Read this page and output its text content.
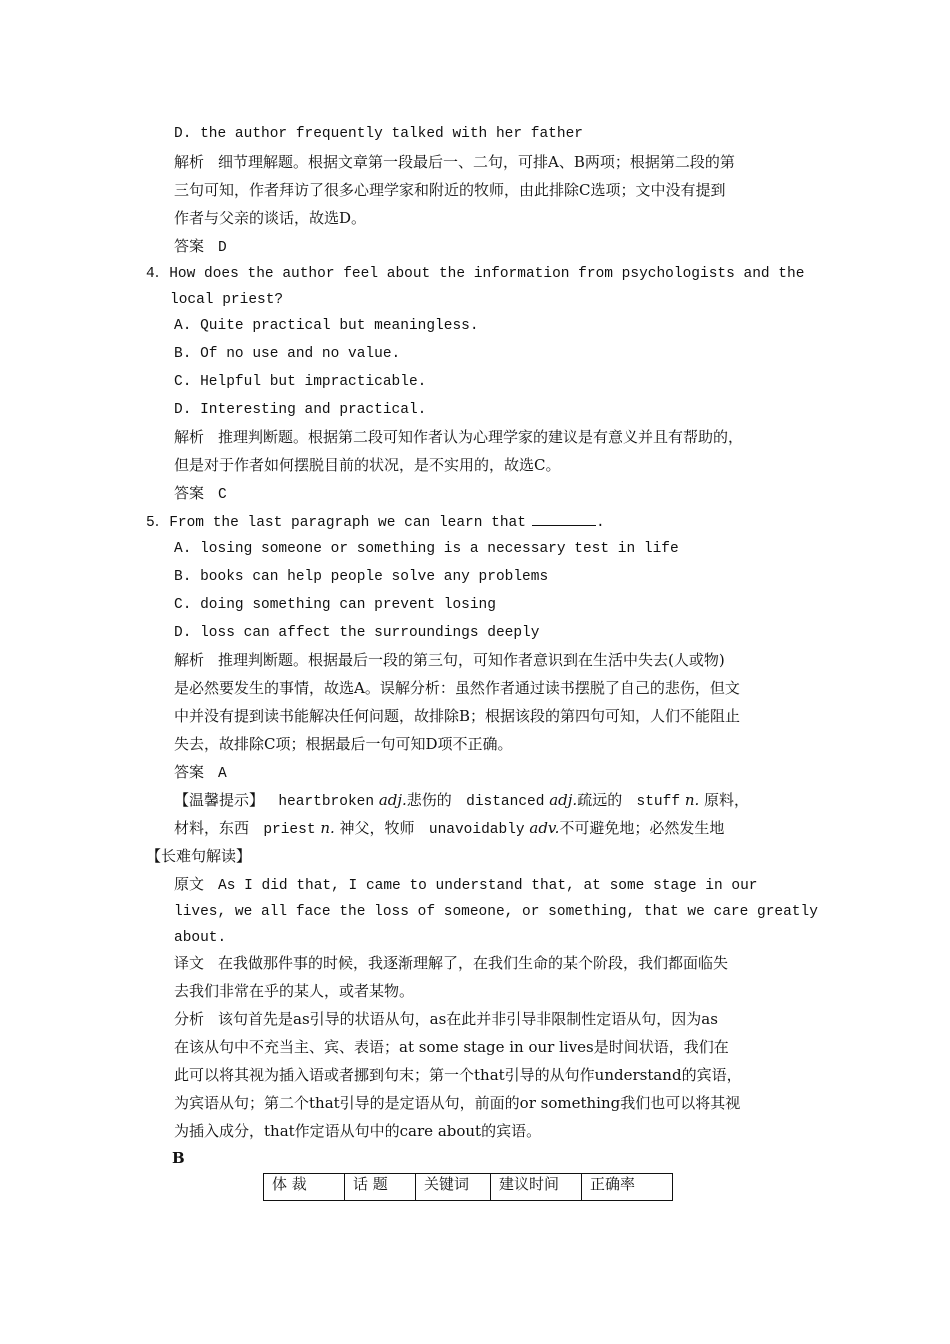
D. the author frequently talked with her father
解析 细节理解题。根据文章第一段最后一、二句，可排A、B两项；根据第二段的第
三句可知，作者拜访了很多心理学家和附近的牧师，由此排除C选项；文中没有提到
作者与父亲的谈话，故选D。
答案 D
4．How does the author feel about the information from psychologists and the
local priest?
A. Quite practical but meaningless.
B. Of no use and no value.
C. Helpful but impracticable.
D. Interesting and practical.
解析 推理判断题。根据第二段可知作者认为心理学家的建议是有意义并且有帮助的，
但是对于作者如何摆脱目前的状况，是不实用的，故选C。
答案 C
5．From the last paragraph we can learn that	.
A. losing someone or something is a necessary test in life
B. books can help people solve any problems
C. doing something can prevent losing
D. loss can affect the surroundings deeply
解析 推理判断题。根据最后一段的第三句，可知作者意识到在生活中失去(人或物)
是必然要发生的事情，故选A。误解分析：虽然作者通过读书摆脱了自己的悲伤，但文
中并没有提到读书能解决任何问题，故排除B；根据该段的第四句可知，人们不能阻止
失去，故排除C项；根据最后一句可知D项不正确。
答案 A
【温馨提示】 heartbroken adj.悲伤的 distanced adj.疏远的 stuff n. 原料，
材料，东西 priest n. 神父，牧师 unavoidably adv.不可避免地；必然发生地
【长难句解读】
原文 As I did that, I came to understand that, at some stage in our
lives, we all face the loss of someone, or something, that we care greatly
about.
译文 在我做那件事的时候，我逐渐理解了，在我们生命的某个阶段，我们都面临失
去我们非常在乎的某人，或者某物。
分析 该句首先是as引导的状语从句，as在此并非引导非限制性定语从句，因为as
在该从句中不充当主、宾、表语；at some stage in our lives是时间状语，我们在
此可以将其视为插入语或者挪到句末；第一个that引导的从句作understand的宾语，
为宾语从句；第二个that引导的是定语从句，前面的or something我们也可以将其视
为插入成分，that作定语从句中的care about的宾语。
B
体 裁	话 题	关键词	建议时间	正确率
